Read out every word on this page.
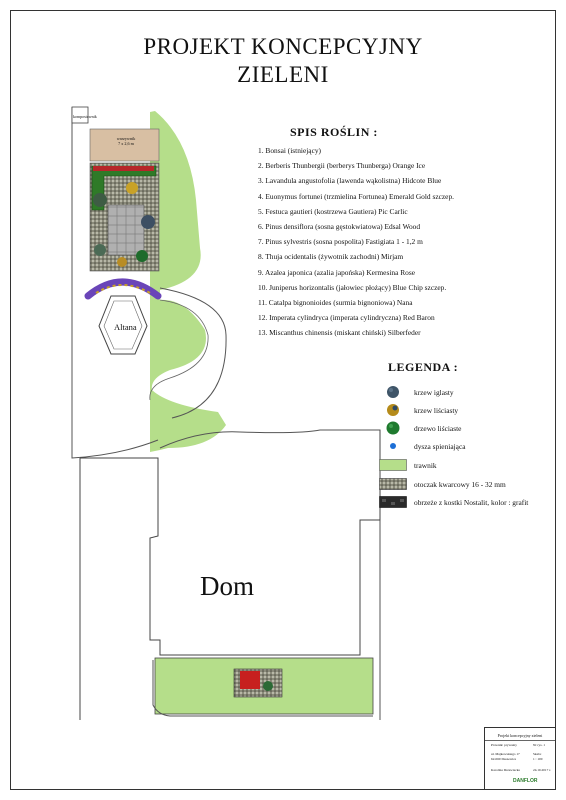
PROJEKT KONCEPCYJNY
ZIELENI
kompostownik
warzywnik
7 x 2,6 m
Altana
Dom
SPIS ROŚLIN :
1. Bonsai (istniejący)
2. Berberis Thunbergii (berberys Thunberga) Orange Ice
3. Lavandula angustofolia (lawenda wąkolistna) Hidcote Blue
4. Euonymus fortunei (trzmielina Fortunea) Emerald Gold szczep.
5. Festuca gautieri (kostrzewa Gautiera) Pic Carlic
6. Pinus densiflora (sosna gęstokwiatowa) Edsal Wood
7. Pinus sylvestris (sosna pospolita) Fastigiata 1 - 1,2 m
8. Thuja ocidentalis (żywotnik zachodni) Mirjam
9. Azalea japonica (azalia japońska) Kermesina Rose
10. Juniperus horizontalis (jałowiec płożący) Blue Chip szczep.
11. Catalpa bignonioides (surmia bignoniowa) Nana
12. Imperata cylindryca (imperata cylindryczna) Red Baron
13. Miscanthus chinensis (miskant chiński) Silberfeder
LEGENDA :
krzew iglasty
krzew liściasty
drzewo liściaste
dysza spieniająca
trawnik
otoczak kwarcowy 16 - 32 mm
obrzeże z kostki Nostalit, kolor : grafit
Projekt koncepcyjny zieleni
Prawnik: prywatny	Nr rys. 1
ul. Majkowskiego 17
62-060 Daszewice
Skala:
1 : 100
Karolina Drzewiecka	24.10.2017 r.
DANFLOR
